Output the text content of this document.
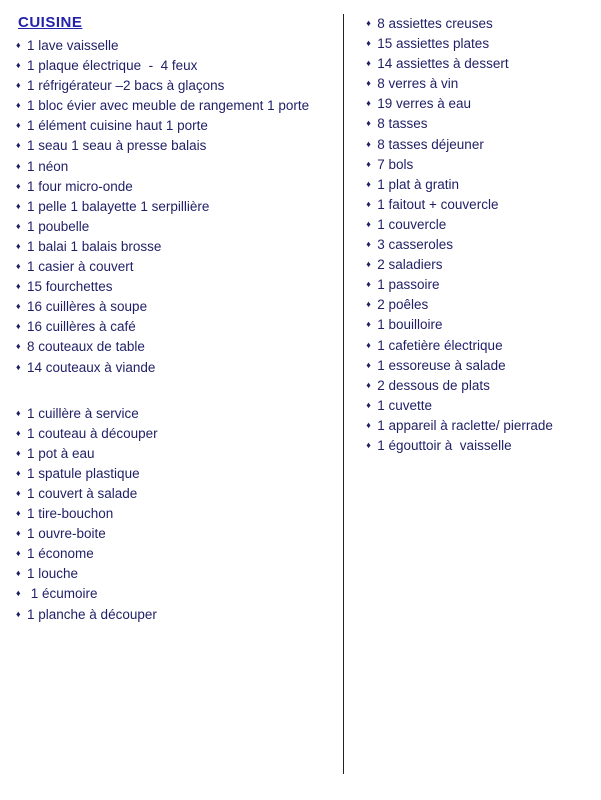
CUISINE
♦ 1 lave vaisselle
♦ 1 plaque électrique  -  4 feux
♦ 1 réfrigérateur –2 bacs à glaçons
♦ 1 bloc évier avec meuble de rangement 1 porte
♦ 1 élément cuisine haut 1 porte
♦ 1 seau 1 seau à presse balais
♦ 1 néon
♦ 1 four micro-onde
♦ 1 pelle 1 balayette 1 serpillière
♦ 1 poubelle
♦ 1 balai 1 balais brosse
♦ 1 casier à couvert
♦ 15 fourchettes
♦ 16 cuillères à soupe
♦ 16 cuillères à café
♦ 8 couteaux de table
♦ 14 couteaux à viande
♦ 1 cuillère à service
♦ 1 couteau à découper
♦ 1 pot à eau
♦ 1 spatule plastique
♦ 1 couvert à salade
♦ 1 tire-bouchon
♦ 1 ouvre-boite
♦ 1 économe
♦ 1 louche
♦ 1 écumoire
♦ 1 planche à découper
♦ 8 assiettes creuses
♦ 15 assiettes plates
♦ 14 assiettes à dessert
♦ 8 verres à vin
♦ 19 verres à eau
♦ 8 tasses
♦ 8 tasses déjeuner
♦ 7 bols
♦ 1 plat à gratin
♦ 1 faitout + couvercle
♦ 1 couvercle
♦ 3 casseroles
♦ 2 saladiers
♦ 1 passoire
♦ 2 poêles
♦ 1 bouilloire
♦ 1 cafetière électrique
♦ 1 essoreuse à salade
♦ 2 dessous de plats
♦ 1 cuvette
♦ 1 appareil à raclette/ pierrade
♦ 1 égouttoir à  vaisselle
